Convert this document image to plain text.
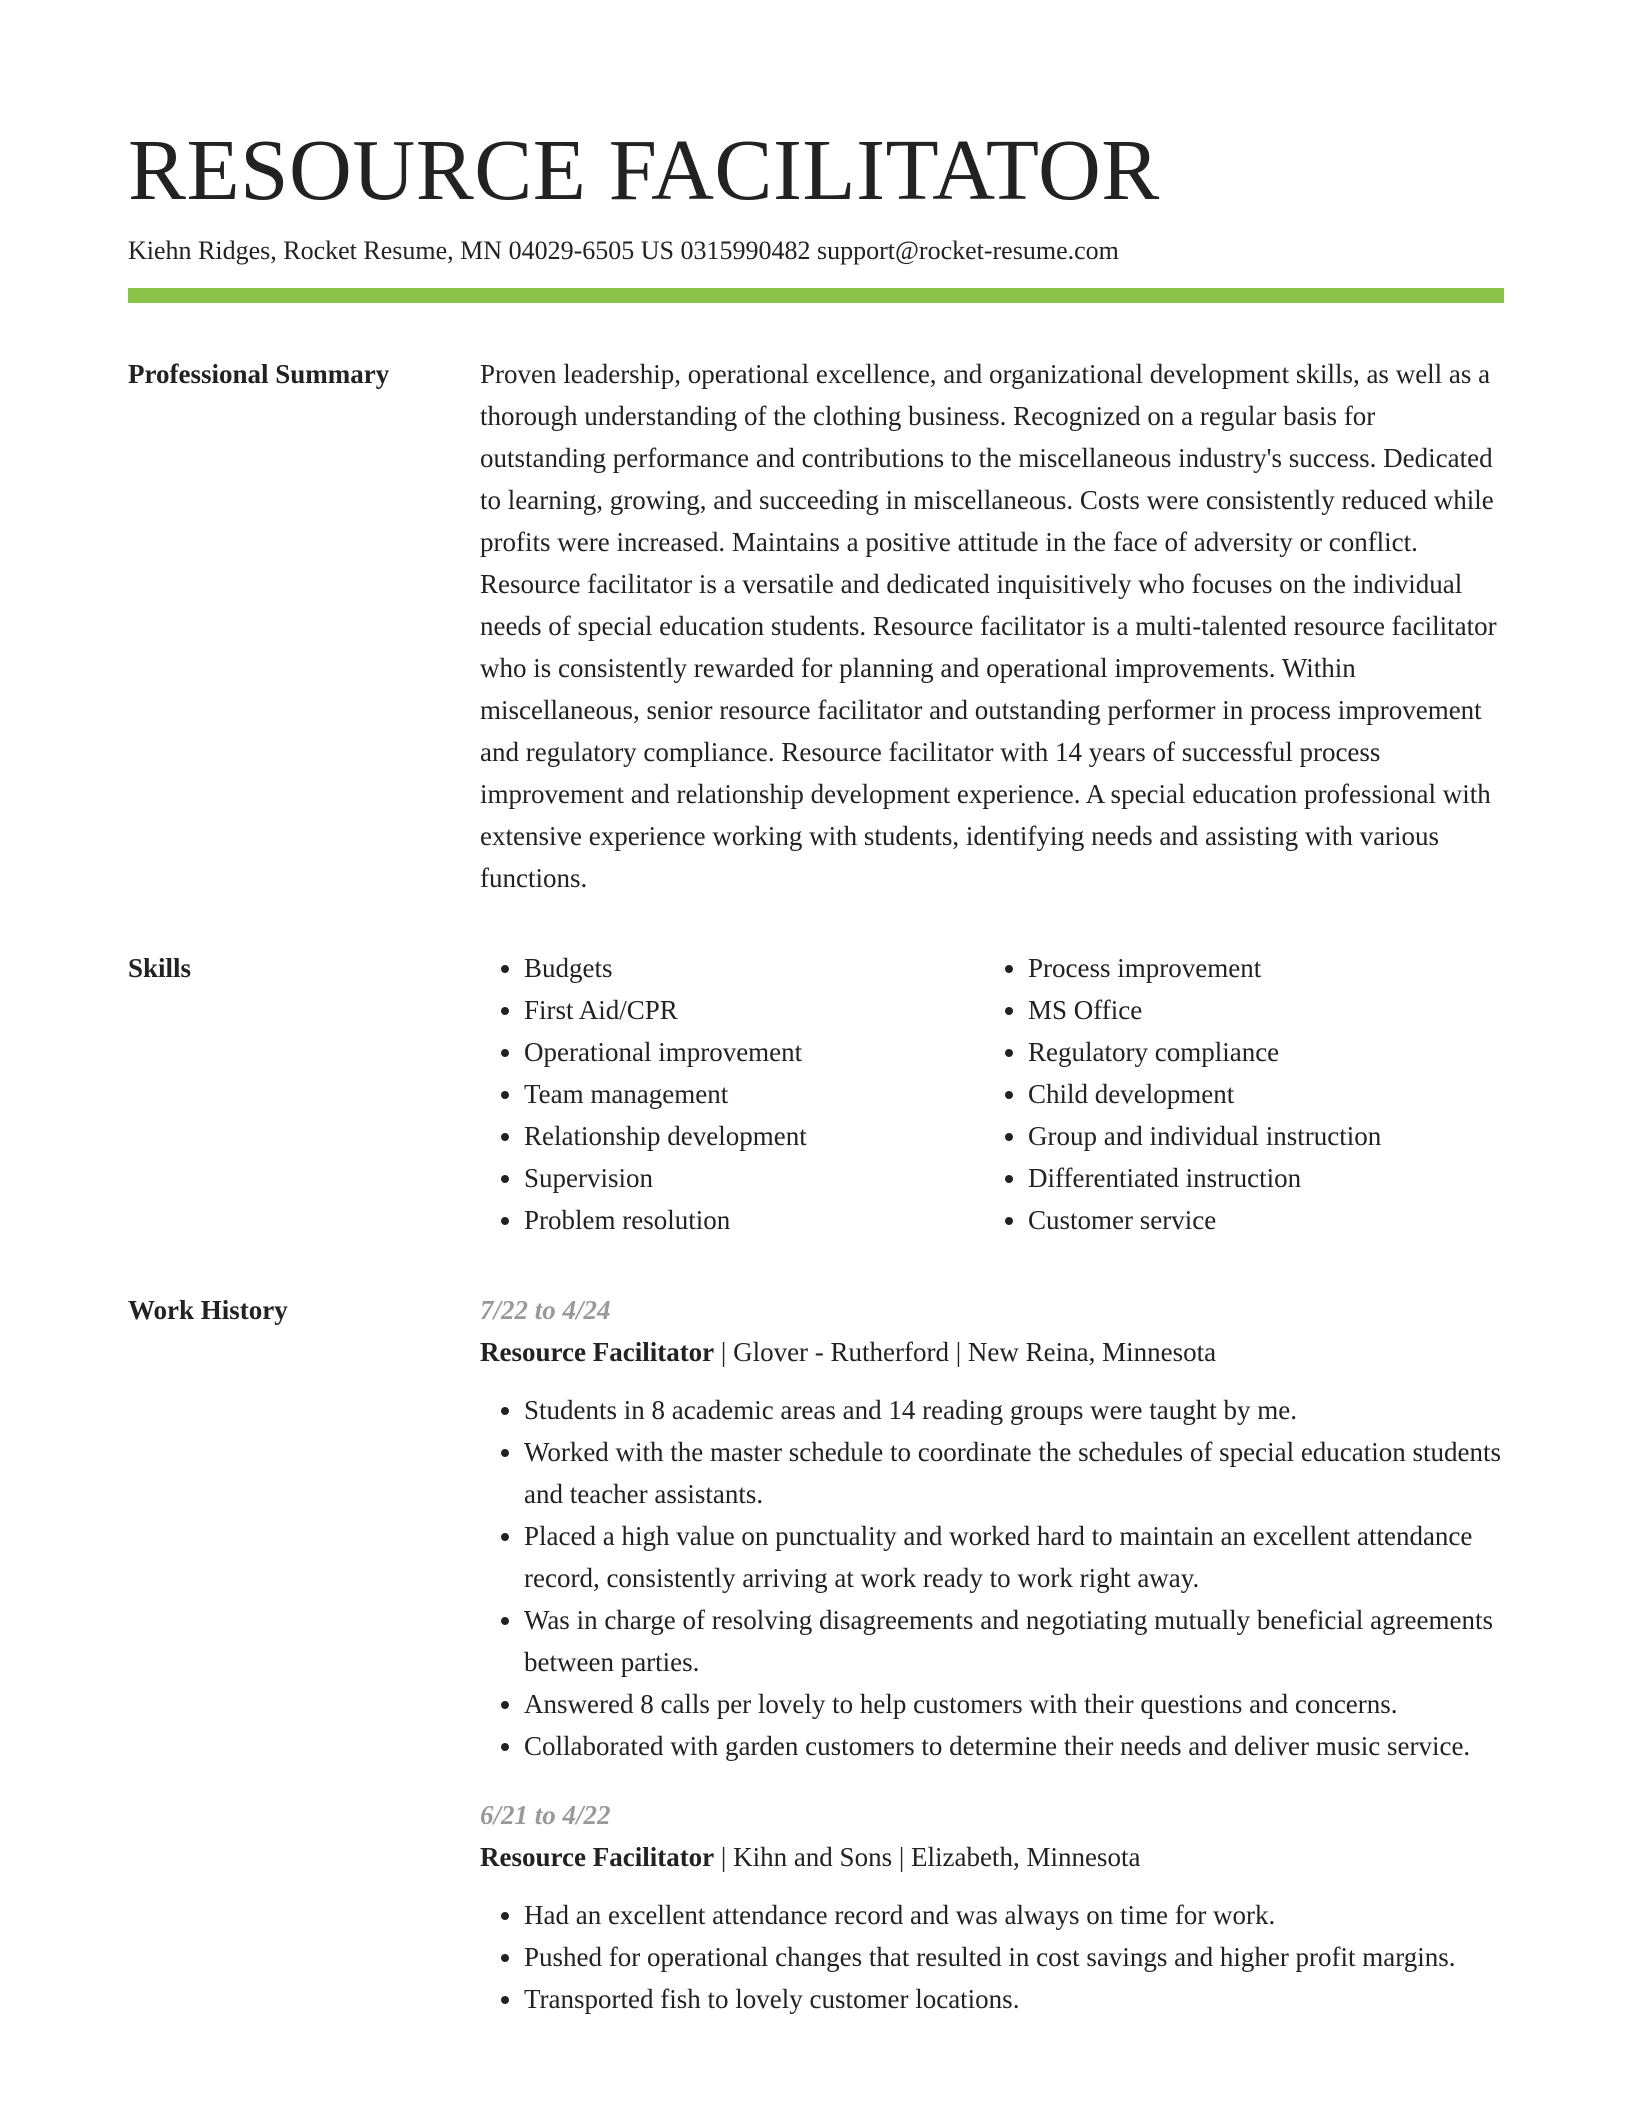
RESOURCE FACILITATOR
Kiehn Ridges, Rocket Resume, MN 04029-6505 US 0315990482 support@rocket-resume.com
Professional Summary	Proven leadership, operational excellence, and organizational development skills, as well as a thorough understanding of the clothing business. Recognized on a regular basis for outstanding performance and contributions to the miscellaneous industry's success. Dedicated to learning, growing, and succeeding in miscellaneous. Costs were consistently reduced while profits were increased. Maintains a positive attitude in the face of adversity or conflict. Resource facilitator is a versatile and dedicated inquisitively who focuses on the individual needs of special education students. Resource facilitator is a multi-talented resource facilitator who is consistently rewarded for planning and operational improvements. Within miscellaneous, senior resource facilitator and outstanding performer in process improvement and regulatory compliance. Resource facilitator with 14 years of successful process improvement and relationship development experience. A special education professional with extensive experience working with students, identifying needs and assisting with various functions.

Skills
•	Budgets
• First Aid/CPR
• Operational improvement
• Team management
• Relationship development
• Supervision
• Problem resolution
• Process improvement
• MS Office
• Regulatory compliance
• Child development
• Group and individual instruction
• Differentiated instruction
• Customer service
Work History	7/22 to 4/24
Resource Facilitator | Glover - Rutherford | New Reina, Minnesota
• Students in 8 academic areas and 14 reading groups were taught by me.
• Worked with the master schedule to coordinate the schedules of special education students and teacher assistants.
• Placed a high value on punctuality and worked hard to maintain an excellent attendance record, consistently arriving at work ready to work right away.
• Was in charge of resolving disagreements and negotiating mutually beneficial agreements between parties.
• Answered 8 calls per lovely to help customers with their questions and concerns.
• Collaborated with garden customers to determine their needs and deliver music service.
6/21 to 4/22
Resource Facilitator | Kihn and Sons | Elizabeth, Minnesota
• Had an excellent attendance record and was always on time for work.
• Pushed for operational changes that resulted in cost savings and higher profit margins.
• Transported fish to lovely customer locations.
